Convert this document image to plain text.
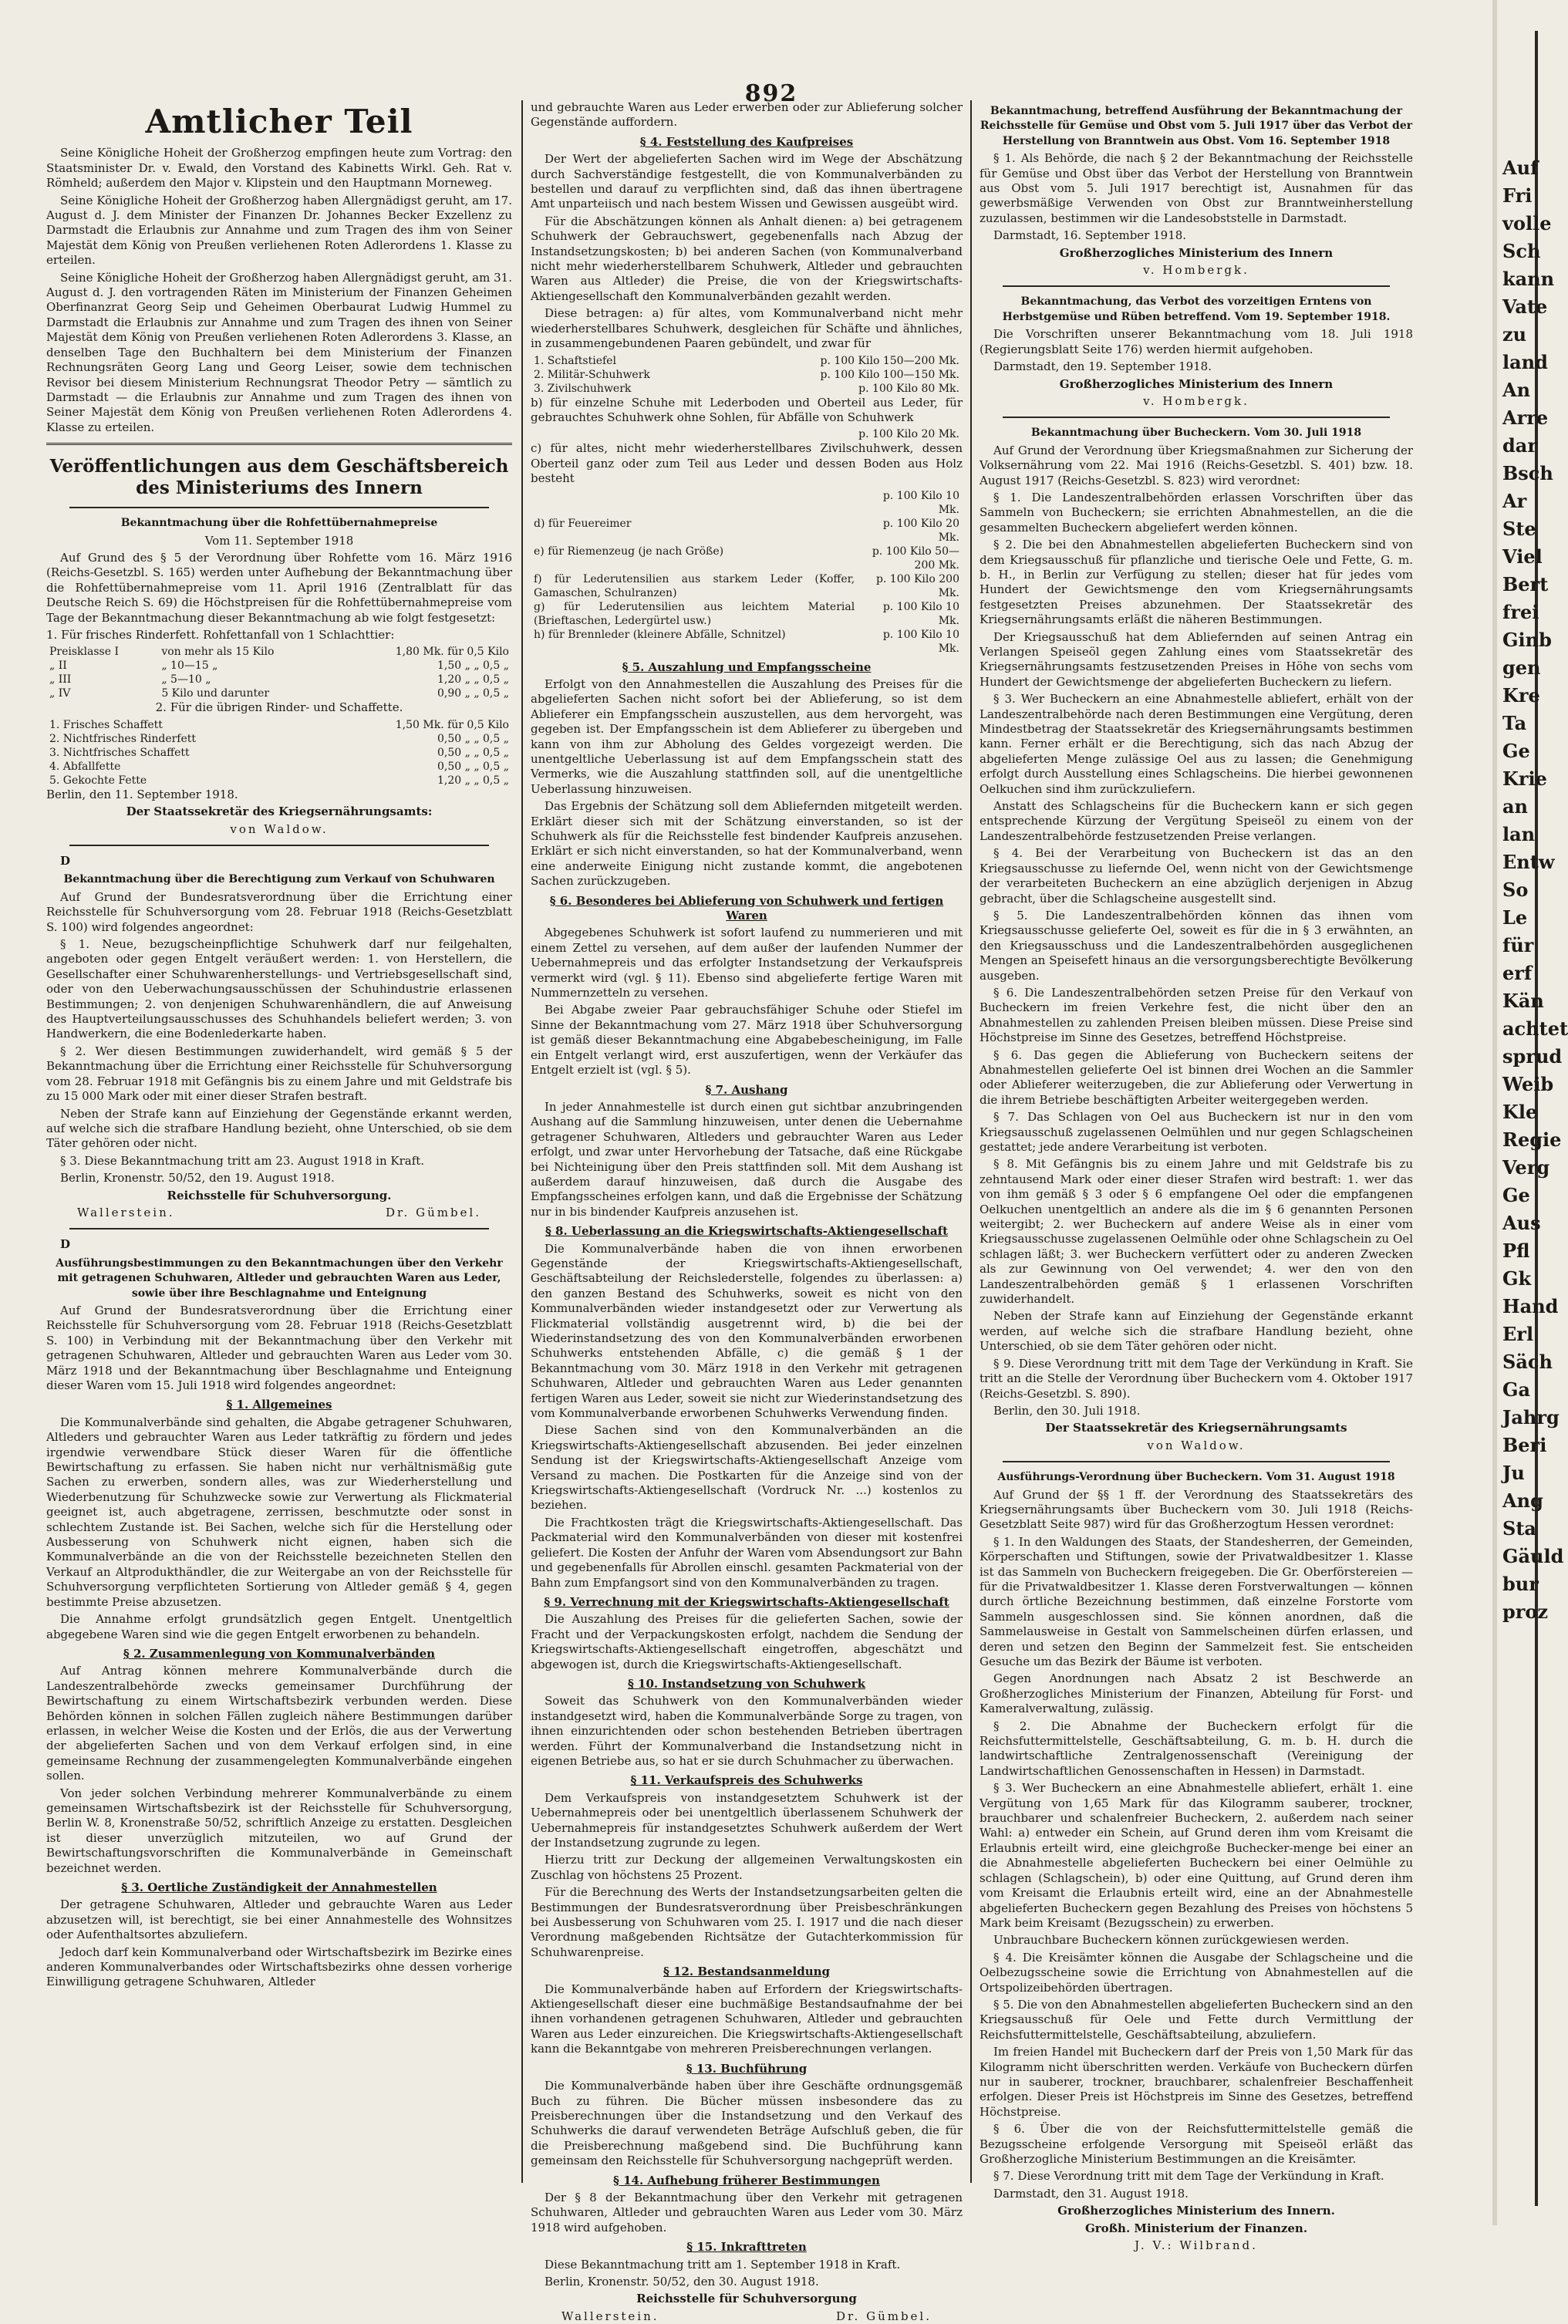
892
Amtlicher Teil

Seine Königliche Hoheit der Großherzog empfingen heute zum Vortrag: den Staatsminister Dr. v. Ewald, den Vorstand des Kabinetts Wirkl. Geh. Rat v. Römheld; außerdem den Major v. Klipstein und den Hauptmann Morneweg.

Seine Königliche Hoheit der Großherzog haben Allergnädigst geruht, am 17. August d. J. dem Minister der Finanzen Dr. Johannes Becker Exzellenz zu Darmstadt die Erlaubnis zur Annahme und zum Tragen des ihm von Seiner Majestät dem König von Preußen verliehenen Roten Adlerordens 1. Klasse zu erteilen.

Seine Königliche Hoheit der Großherzog haben Allergnädigst geruht, am 31. August d. J. den vortragenden Räten im Ministerium der Finanzen Geheimen Oberfinanzrat Georg Seip und Geheimen Oberbaurat Ludwig Hummel zu Darmstadt die Erlaubnis zur Annahme und zum Tragen des ihnen von Seiner Majestät dem König von Preußen verliehenen Roten Adlerordens 3. Klasse, an denselben Tage den Buchhaltern bei dem Ministerium der Finanzen Rechnungsräten Georg Lang und Georg Leiser, sowie dem technischen Revisor bei diesem Ministerium Rechnungsrat Theodor Petry — sämtlich zu Darmstadt — die Erlaubnis zur Annahme und zum Tragen des ihnen von Seiner Majestät dem König von Preußen verliehenen Roten Adlerordens 4. Klasse zu erteilen.

Veröffentlichungen aus dem Geschäftsbereich des Ministeriums des Innern
Bekanntmachung über die Rohfettübernahmepreise

Vom 11. September 1918

Auf Grund des § 5 der Verordnung über Rohfette vom 16. März 1916 (Reichs-Gesetzbl. S. 165) werden unter Aufhebung der Bekanntmachung über die Rohfettübernahmepreise vom 11. April 1916 (Zentralblatt für das Deutsche Reich S. 69) die Höchstpreisen für die Rohfettübernahmepreise vom Tage der Bekanntmachung dieser Bekanntmachung ab wie folgt festgesetzt:

1. Für frisches Rinderfett. Rohfettanfall von 1 Schlachttier:

Preisklasse I	von mehr als 15 Kilo	1,80 Mk. für 0,5 Kilo
„ II	„ 10—15 „	1,50 „ „ 0,5 „
„ III	„ 5—10 „	1,20 „ „ 0,5 „
„ IV	5 Kilo und darunter	0,90 „ „ 0,5 „

2. Für die übrigen Rinder- und Schaffette.

1. Frisches Schaffett	1,50 Mk. für 0,5 Kilo
2. Nichtfrisches Rinderfett	0,50 „ „ 0,5 „
3. Nichtfrisches Schaffett	0,50 „ „ 0,5 „
4. Abfallfette	0,50 „ „ 0,5 „
5. Gekochte Fette	1,20 „ „ 0,5 „

Berlin, den 11. September 1918.

Der Staatssekretär des Kriegsernährungsamts:

von Waldow.

D

Bekanntmachung über die Berechtigung zum Verkauf von Schuhwaren

Auf Grund der Bundesratsverordnung über die Errichtung einer Reichsstelle für Schuhversorgung vom 28. Februar 1918 (Reichs-Gesetzblatt S. 100) wird folgendes angeordnet:

§ 1. Neue, bezugscheinpflichtige Schuhwerk darf nur feilgehalten, angeboten oder gegen Entgelt veräußert werden: 1. von Herstellern, die Gesellschafter einer Schuhwarenherstellungs- und Vertriebsgesellschaft sind, oder von den Ueberwachungsausschüssen der Schuhindustrie erlassenen Bestimmungen; 2. von denjenigen Schuhwarenhändlern, die auf Anweisung des Hauptverteilungsausschusses des Schuhhandels beliefert werden; 3. von Handwerkern, die eine Bodenlederkarte haben.

§ 2. Wer diesen Bestimmungen zuwiderhandelt, wird gemäß § 5 der Bekanntmachung über die Errichtung einer Reichsstelle für Schuhversorgung vom 28. Februar 1918 mit Gefängnis bis zu einem Jahre und mit Geldstrafe bis zu 15 000 Mark oder mit einer dieser Strafen bestraft.

Neben der Strafe kann auf Einziehung der Gegenstände erkannt werden, auf welche sich die strafbare Handlung bezieht, ohne Unterschied, ob sie dem Täter gehören oder nicht.

§ 3. Diese Bekanntmachung tritt am 23. August 1918 in Kraft.

Berlin, Kronenstr. 50/52, den 19. August 1918.

Reichsstelle für Schuhversorgung.

Wallerstein.	Dr. Gümbel.

D

Ausführungsbestimmungen zu den Bekanntmachungen über den Verkehr mit getragenen Schuhwaren, Altleder und gebrauchten Waren aus Leder, sowie über ihre Beschlagnahme und Enteignung

Auf Grund der Bundesratsverordnung über die Errichtung einer Reichsstelle für Schuhversorgung vom 28. Februar 1918 (Reichs-Gesetzblatt S. 100) in Verbindung mit der Bekanntmachung über den Verkehr mit getragenen Schuhwaren, Altleder und gebrauchten Waren aus Leder vom 30. März 1918 und der Bekanntmachung über Beschlagnahme und Enteignung dieser Waren vom 15. Juli 1918 wird folgendes angeordnet:

§ 1. Allgemeines

Die Kommunalverbände sind gehalten, die Abgabe getragener Schuhwaren, Altleders und gebrauchter Waren aus Leder tatkräftig zu fördern und jedes irgendwie verwendbare Stück dieser Waren für die öffentliche Bewirtschaftung zu erfassen. Sie haben nicht nur verhältnismäßig gute Sachen zu erwerben, sondern alles, was zur Wiederherstellung und Wiederbenutzung für Schuhzwecke sowie zur Verwertung als Flickmaterial geeignet ist, auch abgetragene, zerrissen, beschmutzte oder sonst in schlechtem Zustande ist. Bei Sachen, welche sich für die Herstellung oder Ausbesserung von Schuhwerk nicht eignen, haben sich die Kommunalverbände an die von der Reichsstelle bezeichneten Stellen den Verkauf an Altprodukthändler, die zur Weitergabe an von der Reichsstelle für Schuhversorgung verpflichteten Sortierung von Altleder gemäß § 4, gegen bestimmte Preise abzusetzen.

Die Annahme erfolgt grundsätzlich gegen Entgelt. Unentgeltlich abgegebene Waren sind wie die gegen Entgelt erworbenen zu behandeln.

§ 2. Zusammenlegung von Kommunalverbänden

Auf Antrag können mehrere Kommunalverbände durch die Landeszentralbehörde zwecks gemeinsamer Durchführung der Bewirtschaftung zu einem Wirtschaftsbezirk verbunden werden. Diese Behörden können in solchen Fällen zugleich nähere Bestimmungen darüber erlassen, in welcher Weise die Kosten und der Erlös, die aus der Verwertung der abgelieferten Sachen und von dem Verkauf erfolgen sind, in eine gemeinsame Rechnung der zusammengelegten Kommunalverbände eingehen sollen.

Von jeder solchen Verbindung mehrerer Kommunalverbände zu einem gemeinsamen Wirtschaftsbezirk ist der Reichsstelle für Schuhversorgung, Berlin W. 8, Kronenstraße 50/52, schriftlich Anzeige zu erstatten. Desgleichen ist dieser unverzüglich mitzuteilen, wo auf Grund der Bewirtschaftungsvorschriften die Kommunalverbände in Gemeinschaft bezeichnet werden.

§ 3. Oertliche Zuständigkeit der Annahmestellen

Der getragene Schuhwaren, Altleder und gebrauchte Waren aus Leder abzusetzen will, ist berechtigt, sie bei einer Annahmestelle des Wohnsitzes oder Aufenthaltsortes abzuliefern.

Jedoch darf kein Kommunalverband oder Wirtschaftsbezirk im Bezirke eines anderen Kommunalverbandes oder Wirtschaftsbezirks ohne dessen vorherige Einwilligung getragene Schuhwaren, Altleder

und gebrauchte Waren aus Leder erwerben oder zur Ablieferung solcher Gegenstände auffordern.

§ 4. Feststellung des Kaufpreises

Der Wert der abgelieferten Sachen wird im Wege der Abschätzung durch Sachverständige festgestellt, die von Kommunalverbänden zu bestellen und darauf zu verpflichten sind, daß das ihnen übertragene Amt unparteiisch und nach bestem Wissen und Gewissen ausgeübt wird.

Für die Abschätzungen können als Anhalt dienen: a) bei getragenem Schuhwerk der Gebrauchswert, gegebenenfalls nach Abzug der Instandsetzungskosten; b) bei anderen Sachen (von Kommunalverband nicht mehr wiederherstellbarem Schuhwerk, Altleder und gebrauchten Waren aus Altleder) die Preise, die von der Kriegswirtschafts-Aktiengesellschaft den Kommunalverbänden gezahlt werden.

Diese betragen: a) für altes, vom Kommunalverband nicht mehr wiederherstellbares Schuhwerk, desgleichen für Schäfte und ähnliches, in zusammengebundenen Paaren gebündelt, und zwar für

1. Schaftstiefel	p. 100 Kilo 150—200 Mk.
2. Militär-Schuhwerk	p. 100 Kilo 100—150 Mk.
3. Zivilschuhwerk	p. 100 Kilo 80 Mk.

b) für einzelne Schuhe mit Lederboden und Oberteil aus Leder, für gebrauchtes Schuhwerk ohne Sohlen, für Abfälle von Schuhwerk

	p. 100 Kilo 20 Mk.

c) für altes, nicht mehr wiederherstellbares Zivilschuhwerk, dessen Oberteil ganz oder zum Teil aus Leder und dessen Boden aus Holz besteht

	p. 100 Kilo 10 Mk.
d) für Feuereimer	p. 100 Kilo 20 Mk.
e) für Riemenzeug (je nach Größe)	p. 100 Kilo 50—200 Mk.
f) für Lederutensilien aus starkem Leder (Koffer, Gamaschen, Schulranzen)	p. 100 Kilo 200 Mk.
g) für Lederutensilien aus leichtem Material (Brieftaschen, Ledergürtel usw.)	p. 100 Kilo 10 Mk.
h) für Brennleder (kleinere Abfälle, Schnitzel)	p. 100 Kilo 10 Mk.
§ 5. Auszahlung und Empfangsscheine

Erfolgt von den Annahmestellen die Auszahlung des Preises für die abgelieferten Sachen nicht sofort bei der Ablieferung, so ist dem Ablieferer ein Empfangsschein auszustellen, aus dem hervorgeht, was gegeben ist. Der Empfangsschein ist dem Ablieferer zu übergeben und kann von ihm zur Abholung des Geldes vorgezeigt werden. Die unentgeltliche Ueberlassung ist auf dem Empfangsschein statt des Vermerks, wie die Auszahlung stattfinden soll, auf die unentgeltliche Ueberlassung hinzuweisen.

Das Ergebnis der Schätzung soll dem Abliefernden mitgeteilt werden. Erklärt dieser sich mit der Schätzung einverstanden, so ist der Schuhwerk als für die Reichsstelle fest bindender Kaufpreis anzusehen. Erklärt er sich nicht einverstanden, so hat der Kommunalverband, wenn eine anderweite Einigung nicht zustande kommt, die angebotenen Sachen zurückzugeben.

§ 6. Besonderes bei Ablieferung von Schuhwerk und fertigen Waren

Abgegebenes Schuhwerk ist sofort laufend zu nummerieren und mit einem Zettel zu versehen, auf dem außer der laufenden Nummer der Uebernahmepreis und das erfolgter Instandsetzung der Verkaufspreis vermerkt wird (vgl. § 11). Ebenso sind abgelieferte fertige Waren mit Nummernzetteln zu versehen.

Bei Abgabe zweier Paar gebrauchsfähiger Schuhe oder Stiefel im Sinne der Bekanntmachung vom 27. März 1918 über Schuhversorgung ist gemäß dieser Bekanntmachung eine Abgabebescheinigung, im Falle ein Entgelt verlangt wird, erst auszufertigen, wenn der Verkäufer das Entgelt erzielt ist (vgl. § 5).

§ 7. Aushang

In jeder Annahmestelle ist durch einen gut sichtbar anzubringenden Aushang auf die Sammlung hinzuweisen, unter denen die Uebernahme getragener Schuhwaren, Altleders und gebrauchter Waren aus Leder erfolgt, und zwar unter Hervorhebung der Tatsache, daß eine Rückgabe bei Nichteinigung über den Preis stattfinden soll. Mit dem Aushang ist außerdem darauf hinzuweisen, daß durch die Ausgabe des Empfangsscheines erfolgen kann, und daß die Ergebnisse der Schätzung nur in bis bindender Kaufpreis anzusehen ist.

§ 8. Ueberlassung an die Kriegswirtschafts-Aktiengesellschaft

Die Kommunalverbände haben die von ihnen erworbenen Gegenstände der Kriegswirtschafts-Aktiengesellschaft, Geschäftsabteilung der Reichslederstelle, folgendes zu überlassen: a) den ganzen Bestand des Schuhwerks, soweit es nicht von den Kommunalverbänden wieder instandgesetzt oder zur Verwertung als Flickmaterial vollständig ausgetrennt wird, b) die bei der Wiederinstandsetzung des von den Kommunalverbänden erworbenen Schuhwerks entstehenden Abfälle, c) die gemäß § 1 der Bekanntmachung vom 30. März 1918 in den Verkehr mit getragenen Schuhwaren, Altleder und gebrauchten Waren aus Leder genannten fertigen Waren aus Leder, soweit sie nicht zur Wiederinstandsetzung des vom Kommunalverbande erworbenen Schuhwerks Verwendung finden.

Diese Sachen sind von den Kommunalverbänden an die Kriegswirtschafts-Aktiengesellschaft abzusenden. Bei jeder einzelnen Sendung ist der Kriegswirtschafts-Aktiengesellschaft Anzeige vom Versand zu machen. Die Postkarten für die Anzeige sind von der Kriegswirtschafts-Aktiengesellschaft (Vordruck Nr. ...) kostenlos zu beziehen.

Die Frachtkosten trägt die Kriegswirtschafts-Aktiengesellschaft. Das Packmaterial wird den Kommunalverbänden von dieser mit kostenfrei geliefert. Die Kosten der Anfuhr der Waren vom Absendungsort zur Bahn und gegebenenfalls für Abrollen einschl. gesamten Packmaterial von der Bahn zum Empfangsort sind von den Kommunalverbänden zu tragen.

§ 9. Verrechnung mit der Kriegswirtschafts-Aktiengesellschaft

Die Auszahlung des Preises für die gelieferten Sachen, sowie der Fracht und der Verpackungskosten erfolgt, nachdem die Sendung der Kriegswirtschafts-Aktiengesellschaft eingetroffen, abgeschätzt und abgewogen ist, durch die Kriegswirtschafts-Aktiengesellschaft.

§ 10. Instandsetzung von Schuhwerk

Soweit das Schuhwerk von den Kommunalverbänden wieder instandgesetzt wird, haben die Kommunalverbände Sorge zu tragen, von ihnen einzurichtenden oder schon bestehenden Betrieben übertragen werden. Führt der Kommunalverband die Instandsetzung nicht in eigenen Betriebe aus, so hat er sie durch Schuhmacher zu überwachen.

§ 11. Verkaufspreis des Schuhwerks

Dem Verkaufspreis von instandgesetztem Schuhwerk ist der Uebernahmepreis oder bei unentgeltlich überlassenem Schuhwerk der Uebernahmepreis für instandgesetztes Schuhwerk außerdem der Wert der Instandsetzung zugrunde zu legen.

Hierzu tritt zur Deckung der allgemeinen Verwaltungskosten ein Zuschlag von höchstens 25 Prozent.

Für die Berechnung des Werts der Instandsetzungsarbeiten gelten die Bestimmungen der Bundesratsverordnung über Preisbeschränkungen bei Ausbesserung von Schuhwaren vom 25. I. 1917 und die nach dieser Verordnung maßgebenden Richtsätze der Gutachterkommission für Schuhwarenpreise.

§ 12. Bestandsanmeldung

Die Kommunalverbände haben auf Erfordern der Kriegswirtschafts-Aktiengesellschaft dieser eine buchmäßige Bestandsaufnahme der bei ihnen vorhandenen getragenen Schuhwaren, Altleder und gebrauchten Waren aus Leder einzureichen. Die Kriegswirtschafts-Aktiengesellschaft kann die Bekanntgabe von mehreren Preisberechnungen verlangen.

§ 13. Buchführung

Die Kommunalverbände haben über ihre Geschäfte ordnungsgemäß Buch zu führen. Die Bücher müssen insbesondere das zu Preisberechnungen über die Instandsetzung und den Verkauf des Schuhwerks die darauf verwendeten Beträge Aufschluß geben, die für die Preisberechnung maßgebend sind. Die Buchführung kann gemeinsam den Reichsstelle für Schuhversorgung nachgeprüft werden.

§ 14. Aufhebung früherer Bestimmungen

Der § 8 der Bekanntmachung über den Verkehr mit getragenen Schuhwaren, Altleder und gebrauchten Waren aus Leder vom 30. März 1918 wird aufgehoben.

§ 15. Inkrafttreten

Diese Bekanntmachung tritt am 1. September 1918 in Kraft.

Berlin, Kronenstr. 50/52, den 30. August 1918.

Reichsstelle für Schuhversorgung

Wallerstein.	Dr. Gümbel.
Bekanntmachung, betreffend Ausführung der Bekanntmachung der Reichsstelle für Gemüse und Obst vom 5. Juli 1917 über das Verbot der Herstellung von Branntwein aus Obst. Vom 16. September 1918

§ 1. Als Behörde, die nach § 2 der Bekanntmachung der Reichsstelle für Gemüse und Obst über das Verbot der Herstellung von Branntwein aus Obst vom 5. Juli 1917 berechtigt ist, Ausnahmen für das gewerbsmäßige Verwenden von Obst zur Branntweinherstellung zuzulassen, bestimmen wir die Landesobststelle in Darmstadt.

Darmstadt, 16. September 1918.

Großherzogliches Ministerium des Innern

v. Hombergk.

Bekanntmachung, das Verbot des vorzeitigen Erntens von Herbstgemüse und Rüben betreffend. Vom 19. September 1918.

Die Vorschriften unserer Bekanntmachung vom 18. Juli 1918 (Regierungsblatt Seite 176) werden hiermit aufgehoben.

Darmstadt, den 19. September 1918.

Großherzogliches Ministerium des Innern

v. Hombergk.

Bekanntmachung über Bucheckern. Vom 30. Juli 1918

Auf Grund der Verordnung über Kriegsmaßnahmen zur Sicherung der Volksernährung vom 22. Mai 1916 (Reichs-Gesetzbl. S. 401) bzw. 18. August 1917 (Reichs-Gesetzbl. S. 823) wird verordnet:

§ 1. Die Landeszentralbehörden erlassen Vorschriften über das Sammeln von Bucheckern; sie errichten Abnahmestellen, an die die gesammelten Bucheckern abgeliefert werden können.

§ 2. Die bei den Abnahmestellen abgelieferten Bucheckern sind von dem Kriegsausschuß für pflanzliche und tierische Oele und Fette, G. m. b. H., in Berlin zur Verfügung zu stellen; dieser hat für jedes vom Hundert der Gewichtsmenge den vom Kriegsernährungsamts festgesetzten Preises abzunehmen. Der Staatssekretär des Kriegsernährungsamts erläßt die näheren Bestimmungen.

Der Kriegsausschuß hat dem Abliefernden auf seinen Antrag ein Verlangen Speiseöl gegen Zahlung eines vom Staatssekretär des Kriegsernährungsamts festzusetzenden Preises in Höhe von sechs vom Hundert der Gewichtsmenge der abgelieferten Bucheckern zu liefern.

§ 3. Wer Bucheckern an eine Abnahmestelle abliefert, erhält von der Landeszentralbehörde nach deren Bestimmungen eine Vergütung, deren Mindestbetrag der Staatssekretär des Kriegsernährungsamts bestimmen kann. Ferner erhält er die Berechtigung, sich das nach Abzug der abgelieferten Menge zulässige Oel aus zu lassen; die Genehmigung erfolgt durch Ausstellung eines Schlagscheins. Die hierbei gewonnenen Oelkuchen sind ihm zurückzuliefern.

Anstatt des Schlagscheins für die Bucheckern kann er sich gegen entsprechende Kürzung der Vergütung Speiseöl zu einem von der Landeszentralbehörde festzusetzenden Preise verlangen.

§ 4. Bei der Verarbeitung von Bucheckern ist das an den Kriegsausschusse zu liefernde Oel, wenn nicht von der Gewichtsmenge der verarbeiteten Bucheckern an eine abzüglich derjenigen in Abzug gebracht, über die Schlagscheine ausgestellt sind.

§ 5. Die Landeszentralbehörden können das ihnen vom Kriegsausschusse gelieferte Oel, soweit es für die in § 3 erwähnten, an den Kriegsausschuss und die Landeszentralbehörden ausgeglichenen Mengen an Speisefett hinaus an die versorgungsberechtigte Bevölkerung ausgeben.

§ 6. Die Landeszentralbehörden setzen Preise für den Verkauf von Bucheckern im freien Verkehre fest, die nicht über den an Abnahmestellen zu zahlenden Preisen bleiben müssen. Diese Preise sind Höchstpreise im Sinne des Gesetzes, betreffend Höchstpreise.

§ 6. Das gegen die Ablieferung von Bucheckern seitens der Abnahmestellen gelieferte Oel ist binnen drei Wochen an die Sammler oder Ablieferer weiterzugeben, die zur Ablieferung oder Verwertung in die ihrem Betriebe beschäftigten Arbeiter weitergegeben werden.

§ 7. Das Schlagen von Oel aus Bucheckern ist nur in den vom Kriegsausschuß zugelassenen Oelmühlen und nur gegen Schlagscheinen gestattet; jede andere Verarbeitung ist verboten.

§ 8. Mit Gefängnis bis zu einem Jahre und mit Geldstrafe bis zu zehntausend Mark oder einer dieser Strafen wird bestraft: 1. wer das von ihm gemäß § 3 oder § 6 empfangene Oel oder die empfangenen Oelkuchen unentgeltlich an andere als die im § 6 genannten Personen weitergibt; 2. wer Bucheckern auf andere Weise als in einer vom Kriegsausschusse zugelassenen Oelmühle oder ohne Schlagschein zu Oel schlagen läßt; 3. wer Bucheckern verfüttert oder zu anderen Zwecken als zur Gewinnung von Oel verwendet; 4. wer den von den Landeszentralbehörden gemäß § 1 erlassenen Vorschriften zuwiderhandelt.

Neben der Strafe kann auf Einziehung der Gegenstände erkannt werden, auf welche sich die strafbare Handlung bezieht, ohne Unterschied, ob sie dem Täter gehören oder nicht.

§ 9. Diese Verordnung tritt mit dem Tage der Verkündung in Kraft. Sie tritt an die Stelle der Verordnung über Bucheckern vom 4. Oktober 1917 (Reichs-Gesetzbl. S. 890).

Berlin, den 30. Juli 1918.

Der Staatssekretär des Kriegsernährungsamts

von Waldow.

Ausführungs-Verordnung über Bucheckern. Vom 31. August 1918

Auf Grund der §§ 1 ff. der Verordnung des Staatssekretärs des Kriegsernährungsamts über Bucheckern vom 30. Juli 1918 (Reichs-Gesetzblatt Seite 987) wird für das Großherzogtum Hessen verordnet:

§ 1. In den Waldungen des Staats, der Standesherren, der Gemeinden, Körperschaften und Stiftungen, sowie der Privatwaldbesitzer 1. Klasse ist das Sammeln von Bucheckern freigegeben. Die Gr. Oberförstereien — für die Privatwaldbesitzer 1. Klasse deren Forstverwaltungen — können durch örtliche Bezeichnung bestimmen, daß einzelne Forstorte vom Sammeln ausgeschlossen sind. Sie können anordnen, daß die Sammelausweise in Gestalt von Sammelscheinen dürfen erlassen, und deren und setzen den Beginn der Sammelzeit fest. Sie entscheiden Gesuche um das Bezirk der Bäume ist verboten.

Gegen Anordnungen nach Absatz 2 ist Beschwerde an Großherzogliches Ministerium der Finanzen, Abteilung für Forst- und Kameralverwaltung, zulässig.

§ 2. Die Abnahme der Bucheckern erfolgt für die Reichsfuttermittelstelle, Geschäftsabteilung, G. m. b. H. durch die landwirtschaftliche Zentralgenossenschaft (Vereinigung der Landwirtschaftlichen Genossenschaften in Hessen) in Darmstadt.

§ 3. Wer Bucheckern an eine Abnahmestelle abliefert, erhält 1. eine Vergütung von 1,65 Mark für das Kilogramm sauberer, trockner, brauchbarer und schalenfreier Bucheckern, 2. außerdem nach seiner Wahl: a) entweder ein Schein, auf Grund deren ihm vom Kreisamt die Erlaubnis erteilt wird, eine gleichgroße Buchecker-menge bei einer an die Abnahmestelle abgelieferten Bucheckern bei einer Oelmühle zu schlagen (Schlagschein), b) oder eine Quittung, auf Grund deren ihm vom Kreisamt die Erlaubnis erteilt wird, eine an der Abnahmestelle abgelieferten Bucheckern gegen Bezahlung des Preises von höchstens 5 Mark beim Kreisamt (Bezugsschein) zu erwerben.

Unbrauchbare Bucheckern können zurückgewiesen werden.

§ 4. Die Kreisämter können die Ausgabe der Schlagscheine und die Oelbezugsscheine sowie die Errichtung von Abnahmestellen auf die Ortspolizeibehörden übertragen.

§ 5. Die von den Abnahmestellen abgelieferten Bucheckern sind an den Kriegsausschuß für Oele und Fette durch Vermittlung der Reichsfuttermittelstelle, Geschäftsabteilung, abzuliefern.

Im freien Handel mit Bucheckern darf der Preis von 1,50 Mark für das Kilogramm nicht überschritten werden. Verkäufe von Bucheckern dürfen nur in sauberer, trockner, brauchbarer, schalenfreier Beschaffenheit erfolgen. Dieser Preis ist Höchstpreis im Sinne des Gesetzes, betreffend Höchstpreise.

§ 6. Über die von der Reichsfuttermittelstelle gemäß die Bezugsscheine erfolgende Versorgung mit Speiseöl erläßt das Großherzogliche Ministerium Bestimmungen an die Kreisämter.

§ 7. Diese Verordnung tritt mit dem Tage der Verkündung in Kraft.

Darmstadt, den 31. August 1918.

Großherzogliches Ministerium des Innern.

Großh. Ministerium der Finanzen.

J. V.: Wilbrand.

Auf
Fri
volle
Sch
kann
Vate
zu
land
An
Arre
dar
Bsch
Ar
Ste
Viel
Bert
frei
Ginb
gen
Kre
Ta
Ge
Krie
an
lan
Entw
So
Le
für
erf
Kän
achtet
sprud
Weib
Kle
Regie
Verg
Ge
Aus
Pfl
Gk
Hand
Erl
Säch
Ga
Jahrg
Beri
Ju
Ang
Sta
Gäuld
bur
proz
